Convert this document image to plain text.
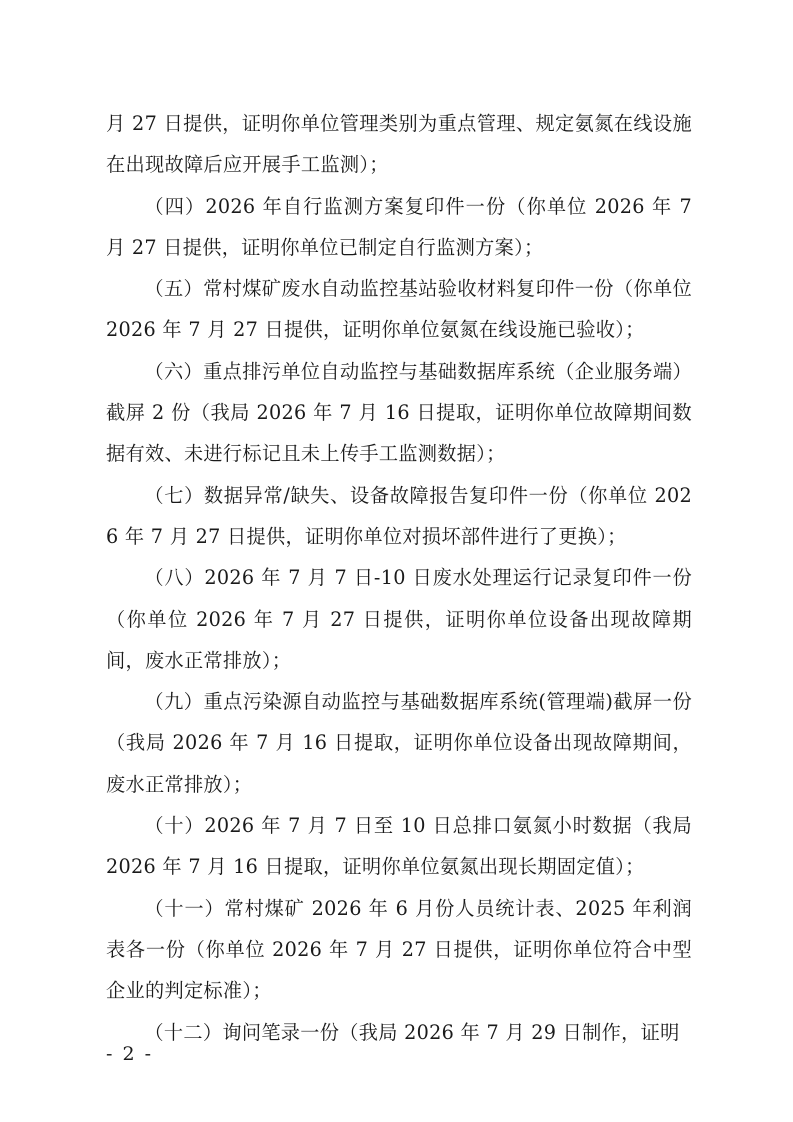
月 27 日提供，证明你单位管理类别为重点管理、规定氨氮在线设施在出现故障后应开展手工监测）；

（四）2026 年自行监测方案复印件一份（你单位 2026 年 7 月 27 日提供，证明你单位已制定自行监测方案）；

（五）常村煤矿废水自动监控基站验收材料复印件一份（你单位 2026 年 7 月 27 日提供，证明你单位氨氮在线设施已验收）；

（六）重点排污单位自动监控与基础数据库系统（企业服务端）截屏 2 份（我局 2026 年 7 月 16 日提取，证明你单位故障期间数据有效、未进行标记且未上传手工监测数据）；

（七）数据异常/缺失、设备故障报告复印件一份（你单位 2026 年 7 月 27 日提供，证明你单位对损坏部件进行了更换）；

（八）2026 年 7 月 7 日-10 日废水处理运行记录复印件一份（你单位 2026 年 7 月 27 日提供，证明你单位设备出现故障期间，废水正常排放）；

（九）重点污染源自动监控与基础数据库系统(管理端)截屏一份（我局 2026 年 7 月 16 日提取，证明你单位设备出现故障期间，废水正常排放）；

（十）2026 年 7 月 7 日至 10 日总排口氨氮小时数据（我局 2026 年 7 月 16 日提取，证明你单位氨氮出现长期固定值）；

（十一）常村煤矿 2026 年 6 月份人员统计表、2025 年利润表各一份（你单位 2026 年 7 月 27 日提供，证明你单位符合中型企业的判定标准）；

（十二）询问笔录一份（我局 2026 年 7 月 29 日制作，证明

- 2 -
